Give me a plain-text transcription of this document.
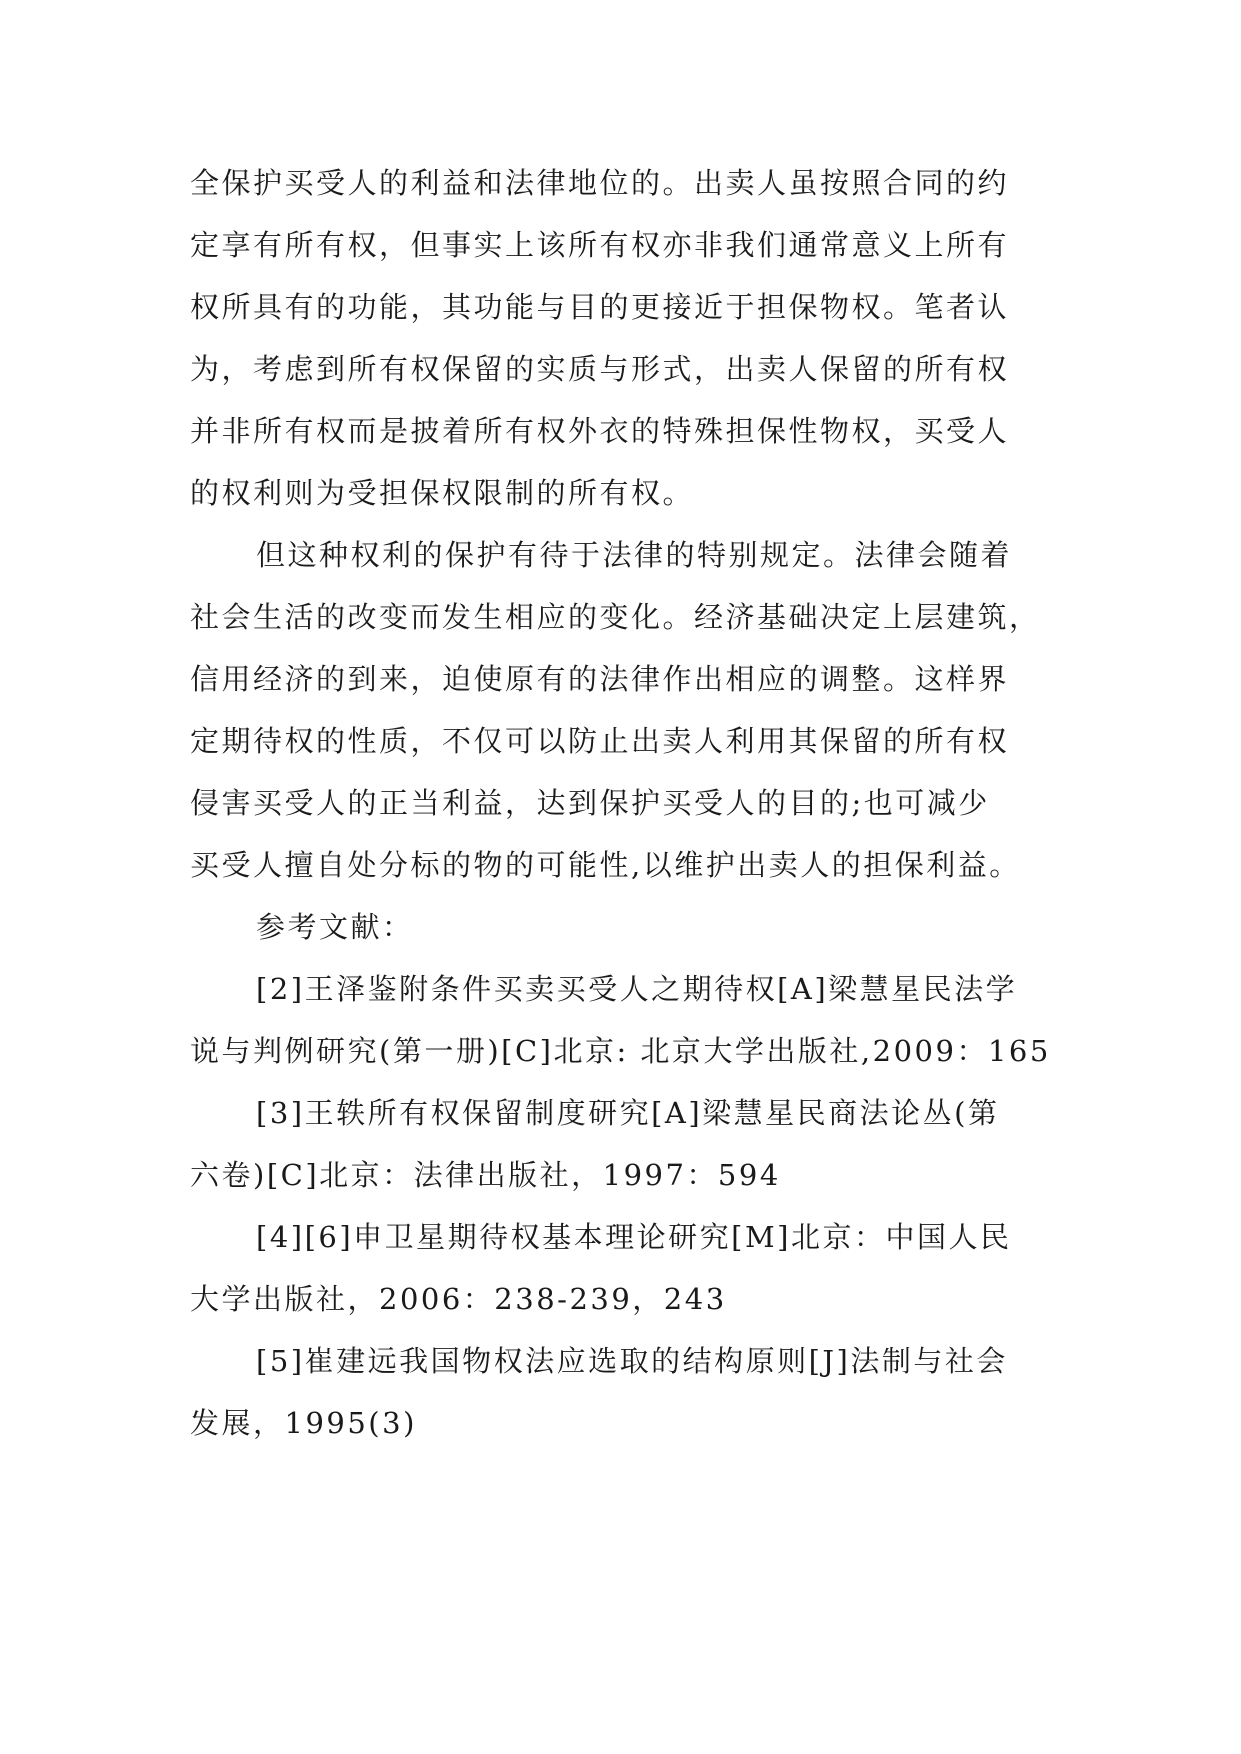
全保护买受人的利益和法律地位的。出卖人虽按照合同的约
定享有所有权，但事实上该所有权亦非我们通常意义上所有
权所具有的功能，其功能与目的更接近于担保物权。笔者认
为，考虑到所有权保留的实质与形式，出卖人保留的所有权
并非所有权而是披着所有权外衣的特殊担保性物权，买受人
的权利则为受担保权限制的所有权。
但这种权利的保护有待于法律的特别规定。法律会随着
社会生活的改变而发生相应的变化。经济基础决定上层建筑，
信用经济的到来，迫使原有的法律作出相应的调整。这样界
定期待权的性质，不仅可以防止出卖人利用其保留的所有权
侵害买受人的正当利益，达到保护买受人的目的;也可减少
买受人擅自处分标的物的可能性,以维护出卖人的担保利益。
参考文献：
[2]王泽鉴附条件买卖买受人之期待权[A]梁慧星民法学
说与判例研究(第一册)[C]北京: 北京大学出版社,2009：165
[3]王轶所有权保留制度研究[A]梁慧星民商法论丛(第
六卷)[C]北京：法律出版社，1997：594
[4][6]申卫星期待权基本理论研究[M]北京：中国人民
大学出版社，2006：238-239，243
[5]崔建远我国物权法应选取的结构原则[J]法制与社会
发展，1995(3)
